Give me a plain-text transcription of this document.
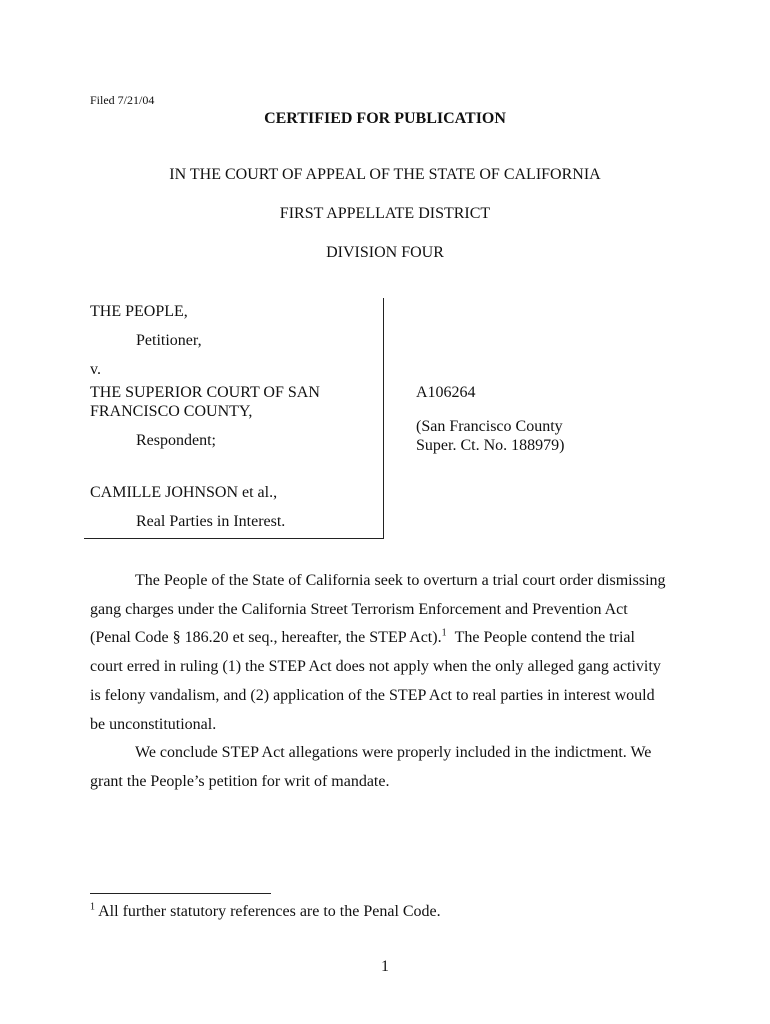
Filed 7/21/04
CERTIFIED FOR PUBLICATION
IN THE COURT OF APPEAL OF THE STATE OF CALIFORNIA
FIRST APPELLATE DISTRICT
DIVISION FOUR
THE PEOPLE,
Petitioner,
v.
THE SUPERIOR COURT OF SAN
FRANCISCO COUNTY,
Respondent;
CAMILLE JOHNSON et al.,
Real Parties in Interest.
A106264
(San Francisco County
Super. Ct. No. 188979)
The People of the State of California seek to overturn a trial court order dismissing
gang charges under the California Street Terrorism Enforcement and Prevention Act
(Penal Code § 186.20 et seq., hereafter, the STEP Act).$^1$ The People contend the trial
court erred in ruling (1) the STEP Act does not apply when the only alleged gang activity
is felony vandalism, and (2) application of the STEP Act to real parties in interest would
be unconstitutional.
We conclude STEP Act allegations were properly included in the indictment. We
grant the People’s petition for writ of mandate.
$^1$ All further statutory references are to the Penal Code.
1
